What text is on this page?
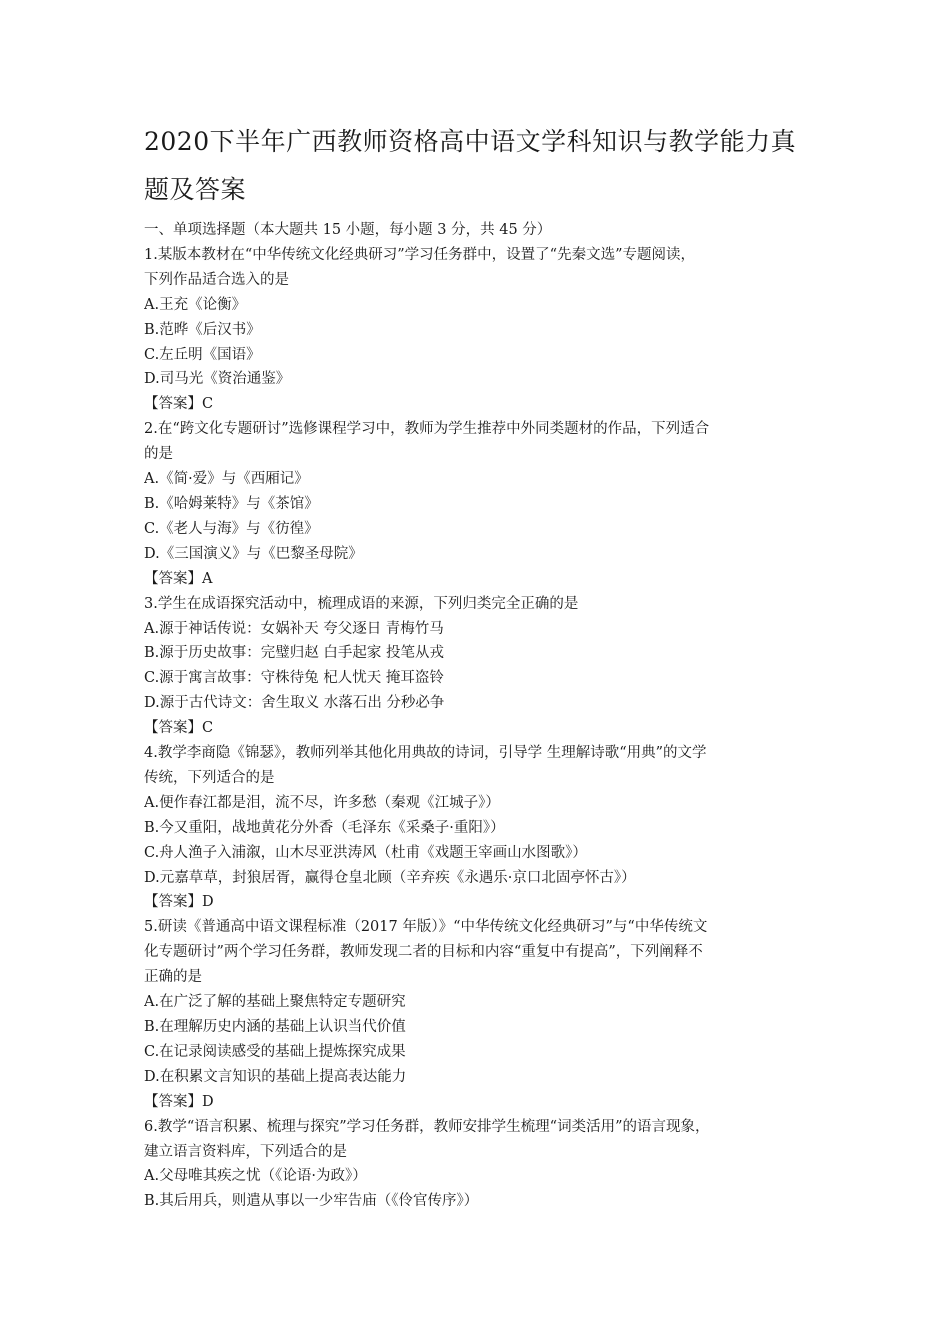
2020下半年广西教师资格高中语文学科知识与教学能力真
题及答案
一、单项选择题（本大题共 15 小题，每小题 3 分，共 45 分）
1.某版本教材在“中华传统文化经典研习”学习任务群中，设置了“先秦文选”专题阅读，
下列作品适合选入的是
A.王充《论衡》
B.范晔《后汉书》
C.左丘明《国语》
D.司马光《资治通鉴》
【答案】C
2.在“跨文化专题研讨”选修课程学习中，教师为学生推荐中外同类题材的作品，下列适合
的是
A.《简·爱》与《西厢记》
B.《哈姆莱特》与《茶馆》
C.《老人与海》与《彷徨》
D.《三国演义》与《巴黎圣母院》
【答案】A
3.学生在成语探究活动中，梳理成语的来源，下列归类完全正确的是
A.源于神话传说：女娲补天 夸父逐日 青梅竹马
B.源于历史故事：完璧归赵 白手起家 投笔从戎
C.源于寓言故事：守株待兔 杞人忧天 掩耳盗铃
D.源于古代诗文：舍生取义 水落石出 分秒必争
【答案】C
4.教学李商隐《锦瑟》，教师列举其他化用典故的诗词，引导学 生理解诗歌“用典”的文学
传统，下列适合的是
A.便作春江都是泪，流不尽，许多愁（秦观《江城子》）
B.今又重阳，战地黄花分外香（毛泽东《采桑子·重阳》）
C.舟人渔子入浦溆，山木尽亚洪涛风（杜甫《戏题王宰画山水图歌》）
D.元嘉草草，封狼居胥，赢得仓皇北顾（辛弃疾《永遇乐·京口北固亭怀古》）
【答案】D
5.研读《普通高中语文课程标准（2017 年版）》“中华传统文化经典研习”与“中华传统文
化专题研讨”两个学习任务群，教师发现二者的目标和内容“重复中有提高”，下列阐释不
正确的是
A.在广泛了解的基础上聚焦特定专题研究
B.在理解历史内涵的基础上认识当代价值
C.在记录阅读感受的基础上提炼探究成果
D.在积累文言知识的基础上提高表达能力
【答案】D
6.教学“语言积累、梳理与探究”学习任务群，教师安排学生梳理“词类活用”的语言现象，
建立语言资料库，下列适合的是
A.父母唯其疾之忧（《论语·为政》）
B.其后用兵，则遣从事以一少牢告庙（《伶官传序》）
